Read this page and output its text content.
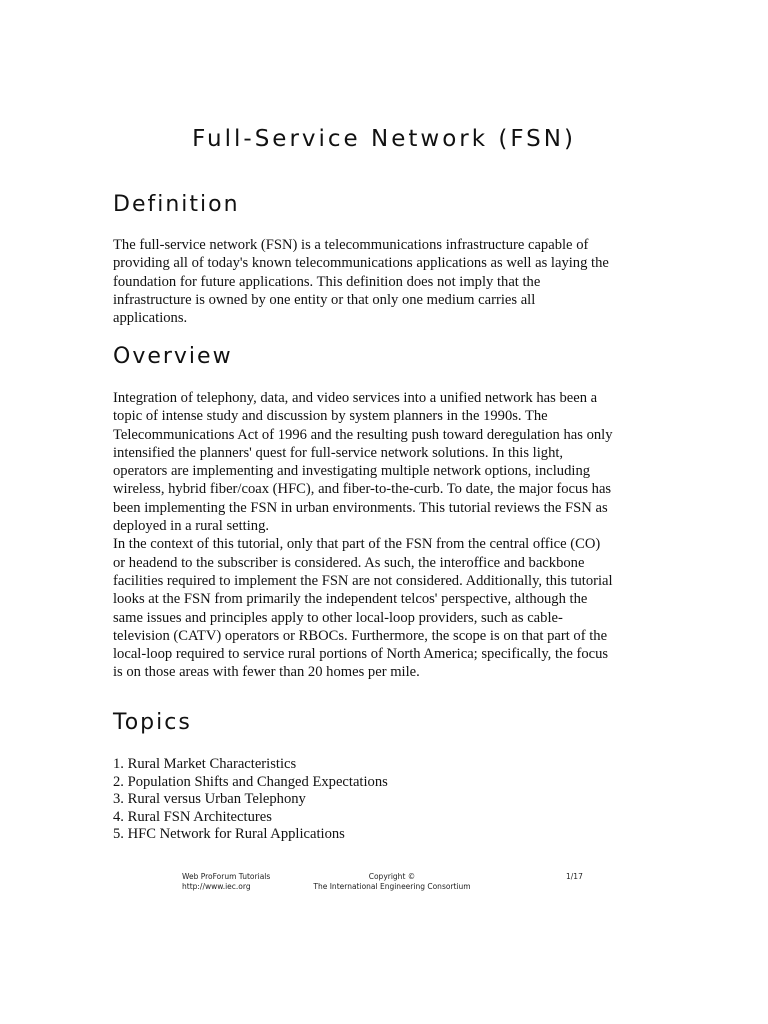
Full-Service Network (FSN)
Definition

The full-service network (FSN) is a telecommunications infrastructure capable of providing all of today's known telecommunications applications as well as laying the foundation for future applications. This definition does not imply that the infrastructure is owned by one entity or that only one medium carries all applications.

Overview

Integration of telephony, data, and video services into a unified network has been a topic of intense study and discussion by system planners in the 1990s. The Telecommunications Act of 1996 and the resulting push toward deregulation has only intensified the planners' quest for full-service network solutions. In this light, operators are implementing and investigating multiple network options, including wireless, hybrid fiber/coax (HFC), and fiber-to-the-curb. To date, the major focus has been implementing the FSN in urban environments. This tutorial reviews the FSN as deployed in a rural setting.

In the context of this tutorial, only that part of the FSN from the central office (CO) or headend to the subscriber is considered. As such, the interoffice and backbone facilities required to implement the FSN are not considered. Additionally, this tutorial looks at the FSN from primarily the independent telcos' perspective, although the same issues and principles apply to other local-loop providers, such as cable-television (CATV) operators or RBOCs. Furthermore, the scope is on that part of the local-loop required to service rural portions of North America; specifically, the focus is on those areas with fewer than 20 homes per mile.

Topics
1. Rural Market Characteristics
2. Population Shifts and Changed Expectations
3. Rural versus Urban Telephony
4. Rural FSN Architectures
5. HFC Network for Rural Applications
Web ProForum Tutorials
http://www.iec.org
Copyright ©
The International Engineering Consortium
1/17
